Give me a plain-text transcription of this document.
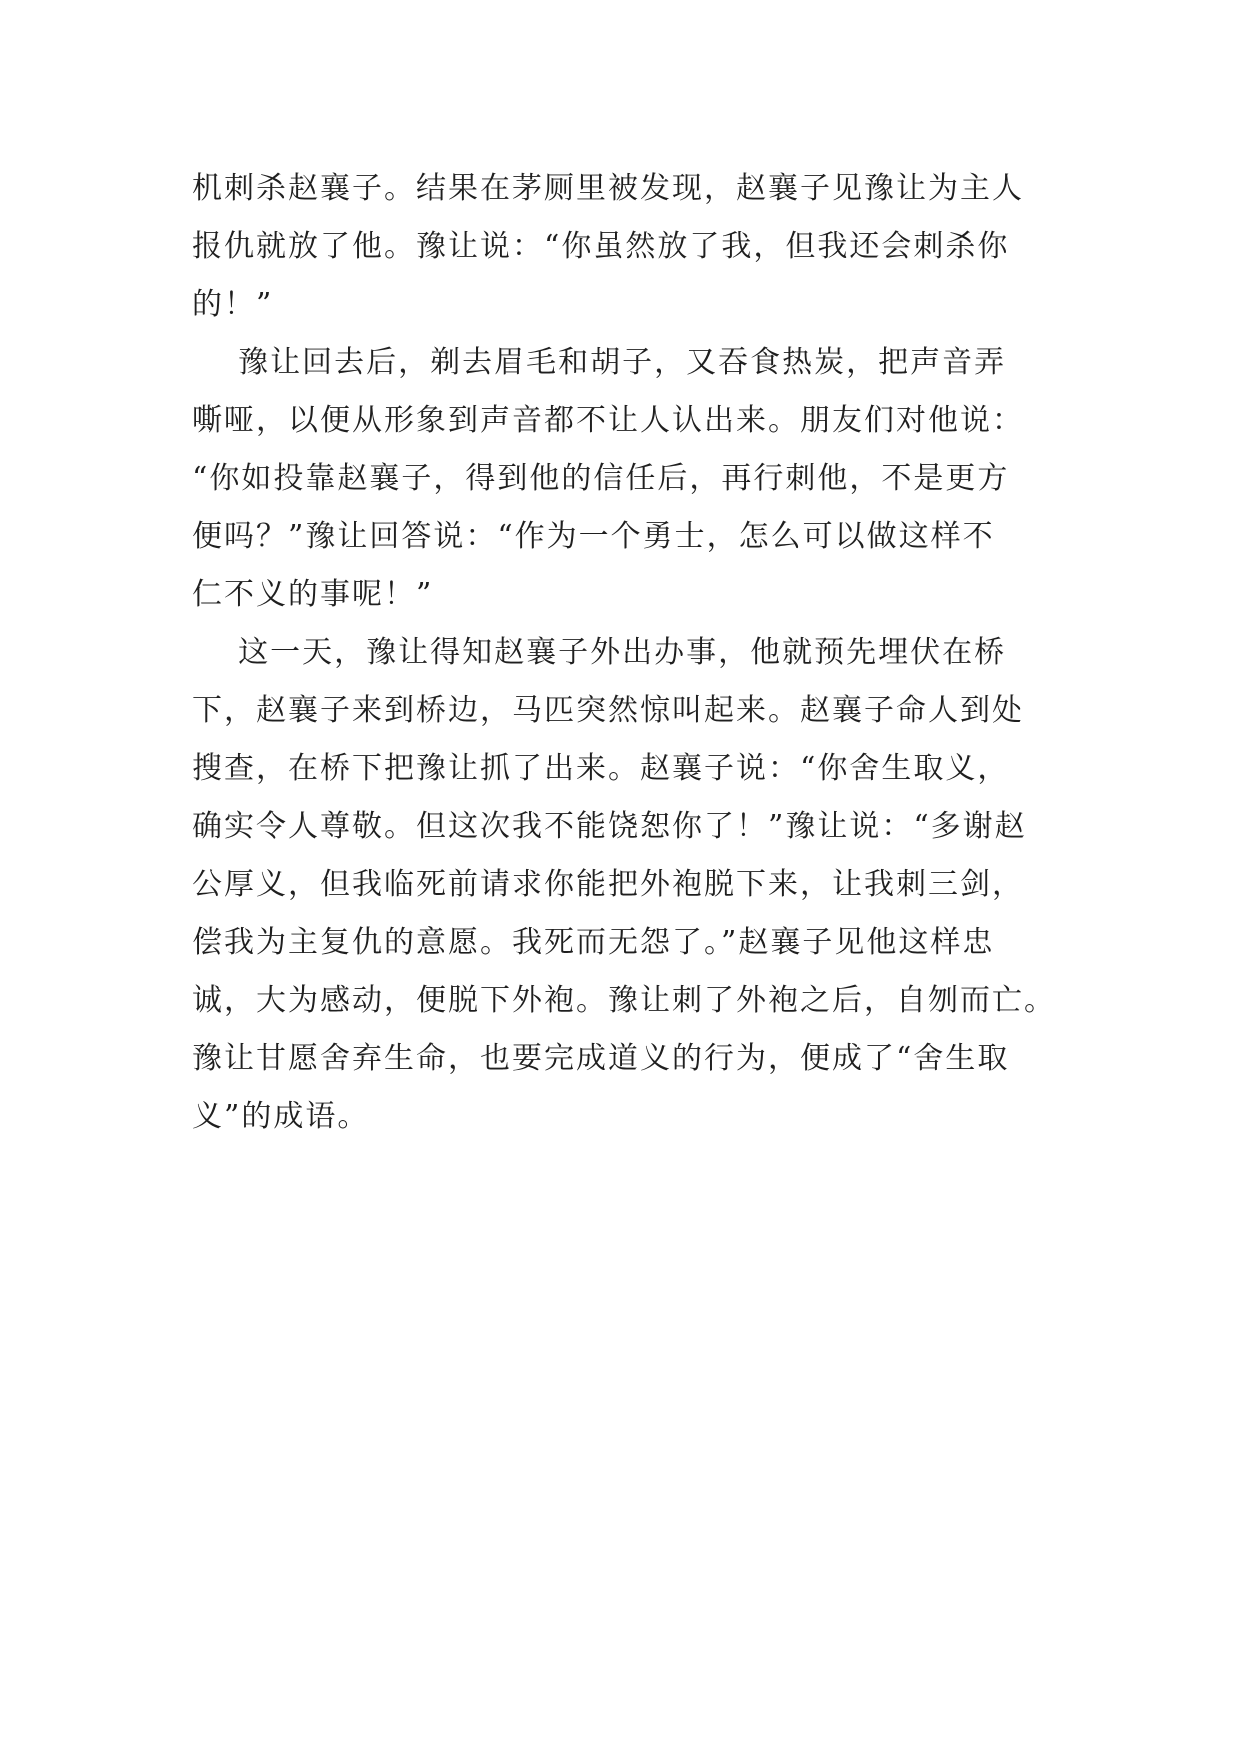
机刺杀赵襄子。结果在茅厕里被发现，赵襄子见豫让为主人
报仇就放了他。豫让说：“你虽然放了我，但我还会刺杀你
的！”

豫让回去后，剃去眉毛和胡子，又吞食热炭，把声音弄
嘶哑，以便从形象到声音都不让人认出来。朋友们对他说：
“你如投靠赵襄子，得到他的信任后，再行刺他，不是更方
便吗？”豫让回答说：“作为一个勇士，怎么可以做这样不
仁不义的事呢！”

这一天，豫让得知赵襄子外出办事，他就预先埋伏在桥
下，赵襄子来到桥边，马匹突然惊叫起来。赵襄子命人到处
搜查，在桥下把豫让抓了出来。赵襄子说：“你舍生取义，
确实令人尊敬。但这次我不能饶恕你了！”豫让说：“多谢赵
公厚义，但我临死前请求你能把外袍脱下来，让我刺三剑，
偿我为主复仇的意愿。我死而无怨了。”赵襄子见他这样忠
诚，大为感动，便脱下外袍。豫让刺了外袍之后，自刎而亡。
豫让甘愿舍弃生命，也要完成道义的行为，便成了“舍生取
义”的成语。
